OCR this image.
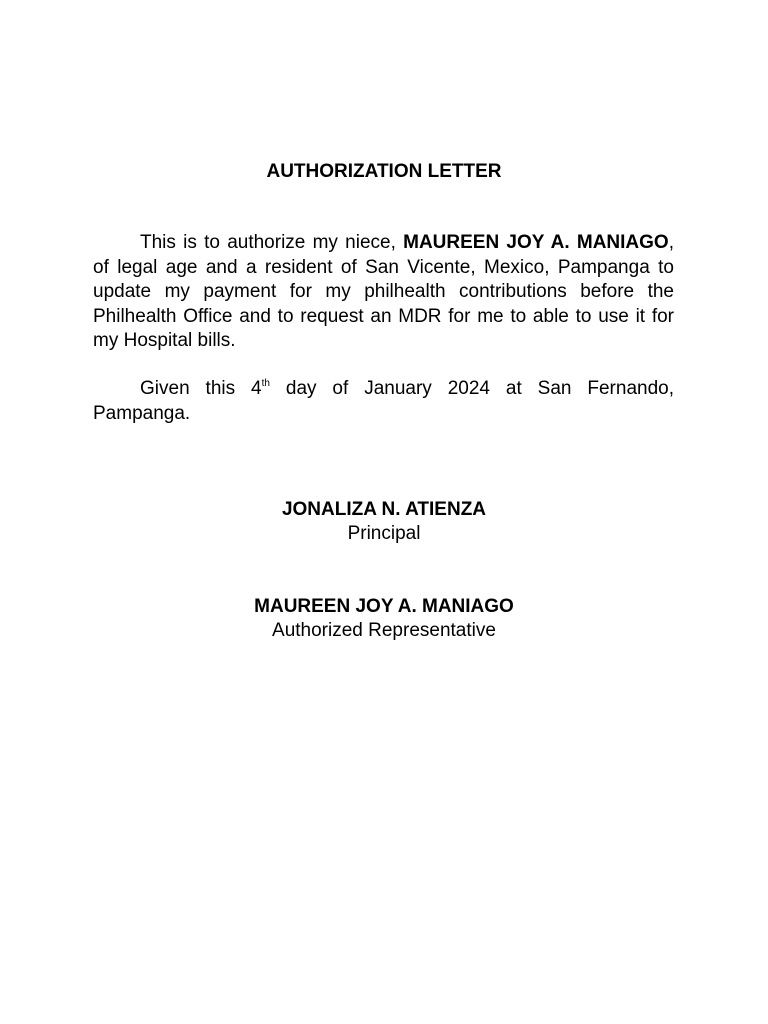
AUTHORIZATION LETTER

This is to authorize my niece, MAUREEN JOY A. MANIAGO, of legal age and a resident of San Vicente, Mexico, Pampanga to update my payment for my philhealth contributions before the Philhealth Office and to request an MDR for me to able to use it for my Hospital bills.

Given this 4th day of January 2024 at San Fernando, Pampanga.

JONALIZA N. ATIENZA
Principal
MAUREEN JOY A. MANIAGO
Authorized Representative
